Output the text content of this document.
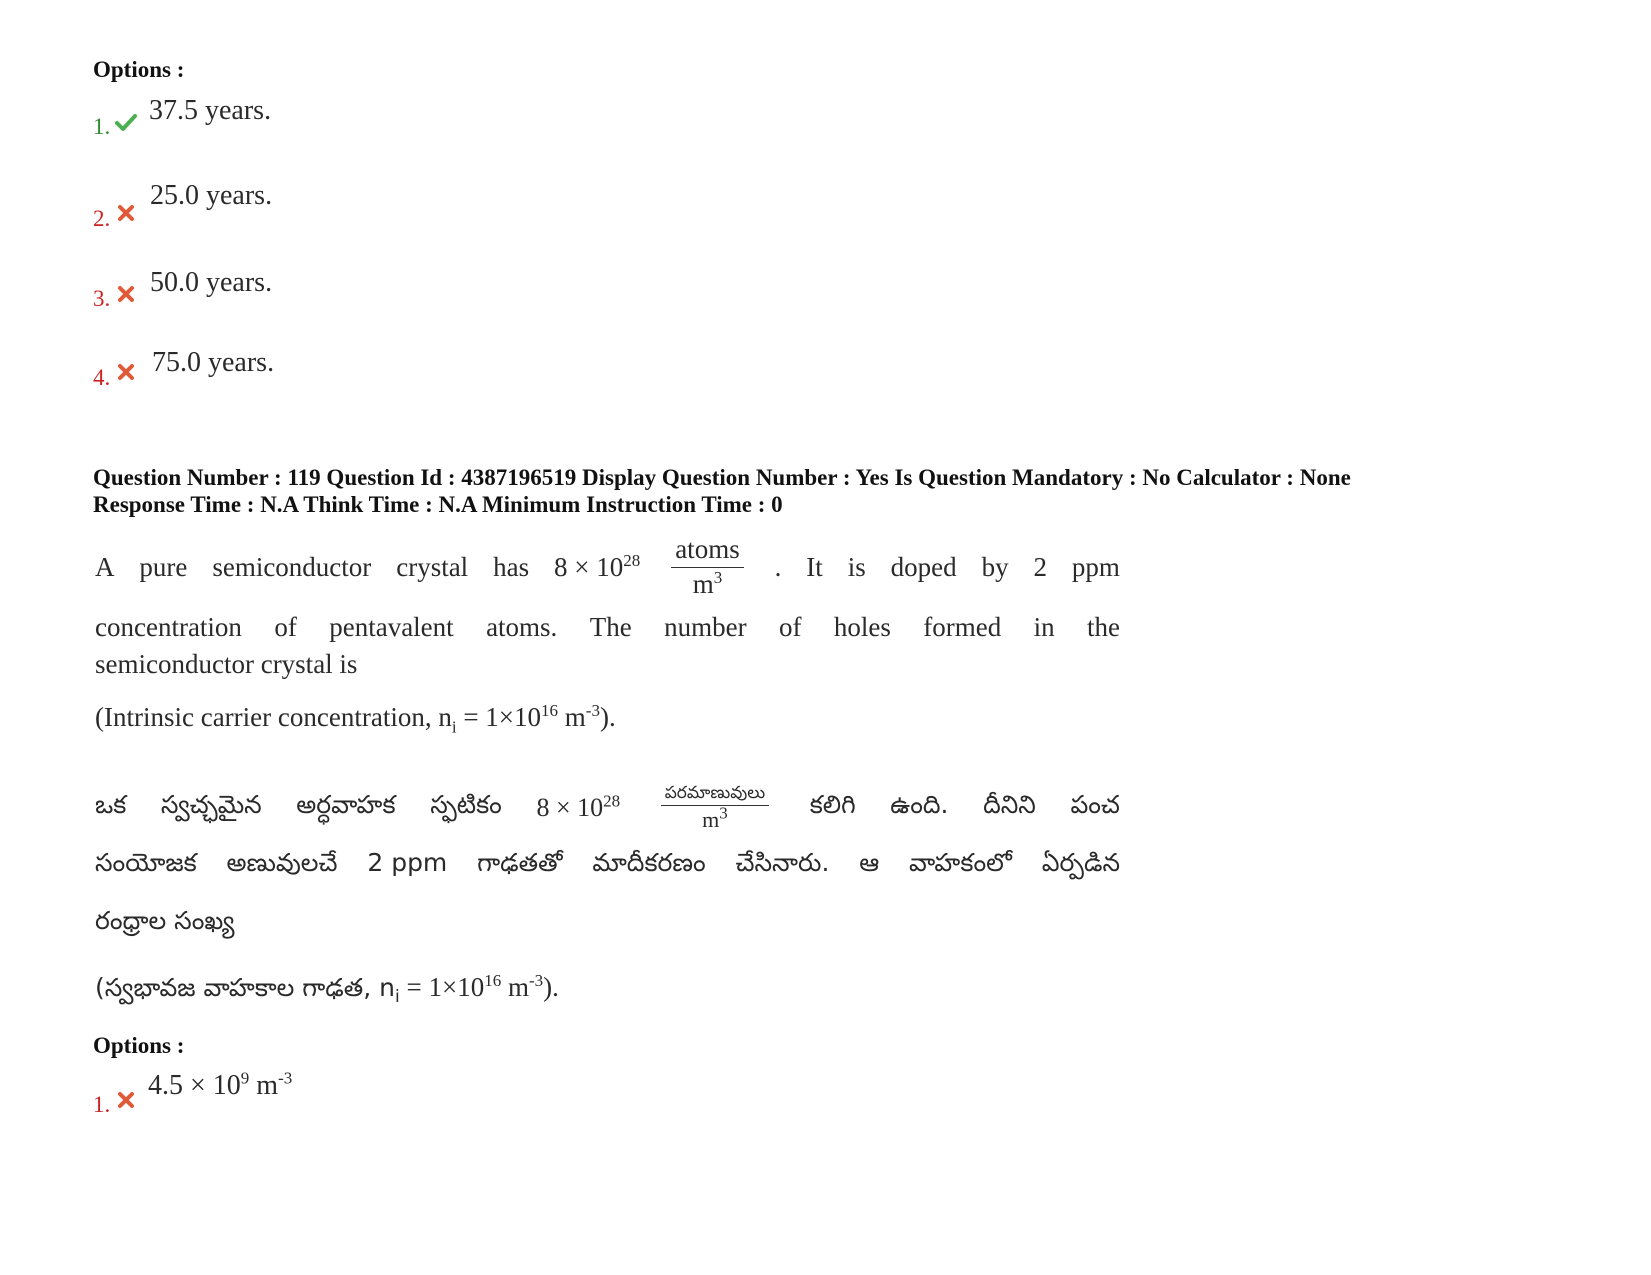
Options :
1.
37.5 years.
2.
25.0 years.
3.
50.0 years.
4. 75.0 years.
Question Number : 119 Question Id : 4387196519 Display Question Number : Yes Is Question Mandatory : No Calculator : None
Response Time : N.A Think Time : N.A Minimum Instruction Time : 0
A pure semiconductor crystal has $8 \times 10^{28} \frac{\text{atoms}}{m^3}$ . It is doped by 2 ppm
concentration of pentavalent atoms. The number of holes formed in the
semiconductor crystal is
(Intrinsic carrier concentration, $n_i = 1\times 10^{16}$ $m^{-3}$).
ఒక స్వచ్ఛమైన అర్ధవాహక స్ఫటికం $8 \times 10^{28} \frac{\text{పరమాణువులు}}{m^3}$ కలిగి ఉంది. దీనిని పంచ
సంయోజక అణువులచే 2 ppm గాఢతతో మాదీకరణం చేసినారు. ఆ వాహకంలో ఏర్పడిన
రంధ్రాల సంఖ్య
(స్వభావజ వాహకాల గాఢత, $n_i = 1\times 10^{16}$ $m^{-3}$).
Options :
1.
$4.5 \times 10^9$ $m^{-3}$
